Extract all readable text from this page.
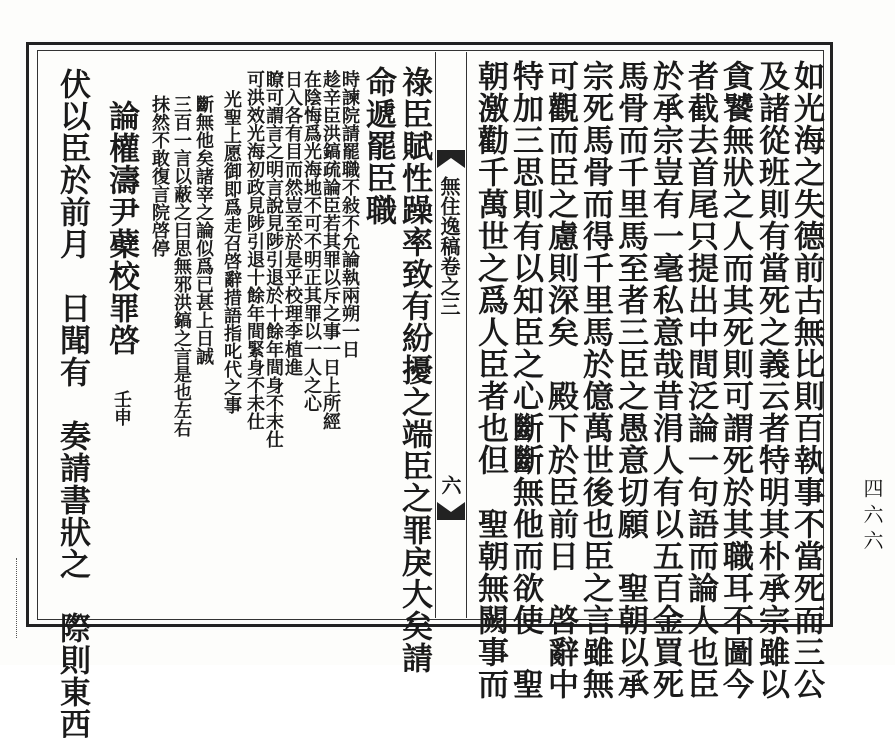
如光海之失德前古無比則百執事不當死而三公
及諸從班則有當死之義云者特明其朴承宗雖以
貪饕無狀之人而其死則可謂死於其職耳不圖今
者截去首尾只提出中間泛論一句語而論人也臣
於承宗豈有一毫私意哉昔涓人有以五百金買死
馬骨而千里馬至者三臣之愚意切願　聖朝以承
宗死馬骨而得千里馬於億萬世後也臣之言雖無
可觀而臣之慮則深矣　殿下於臣前日　啓辭中
特加三思則有以知臣之心斷斷無他而欲使　聖
朝激勸千萬世之爲人臣者也但　聖朝無闕事而
無住逸稿卷之三
六
祿臣賦性躁率致有紛擾之端臣之罪戾大矣請
命遞罷臣職
時諫院請罷職不敍不允論執兩朔一日
趁辛臣洪鎬疏論臣若其罪以斥之事一日上所經
在陰悔爲光海地不可不明正其罪以一人之心
日入各有目而然豈至於是乎校理李植進
瞭可謂言之明言說見陟引退於十餘年間身不末仕
可洪效光海初政見陟引退十餘年間緊身不未仕
光聖上愿御即爲走召啓辭措語指叱代之事
斷無他矣諸宰之論似爲已甚上日誠
三百一言以蔽之曰思無邪洪鎬之言是也左右
抹然不敢復言院啓停
論權濤尹蘗校罪啓
壬申
伏以臣於前月　日聞有　奏請書狀之　際則東西	四六六
